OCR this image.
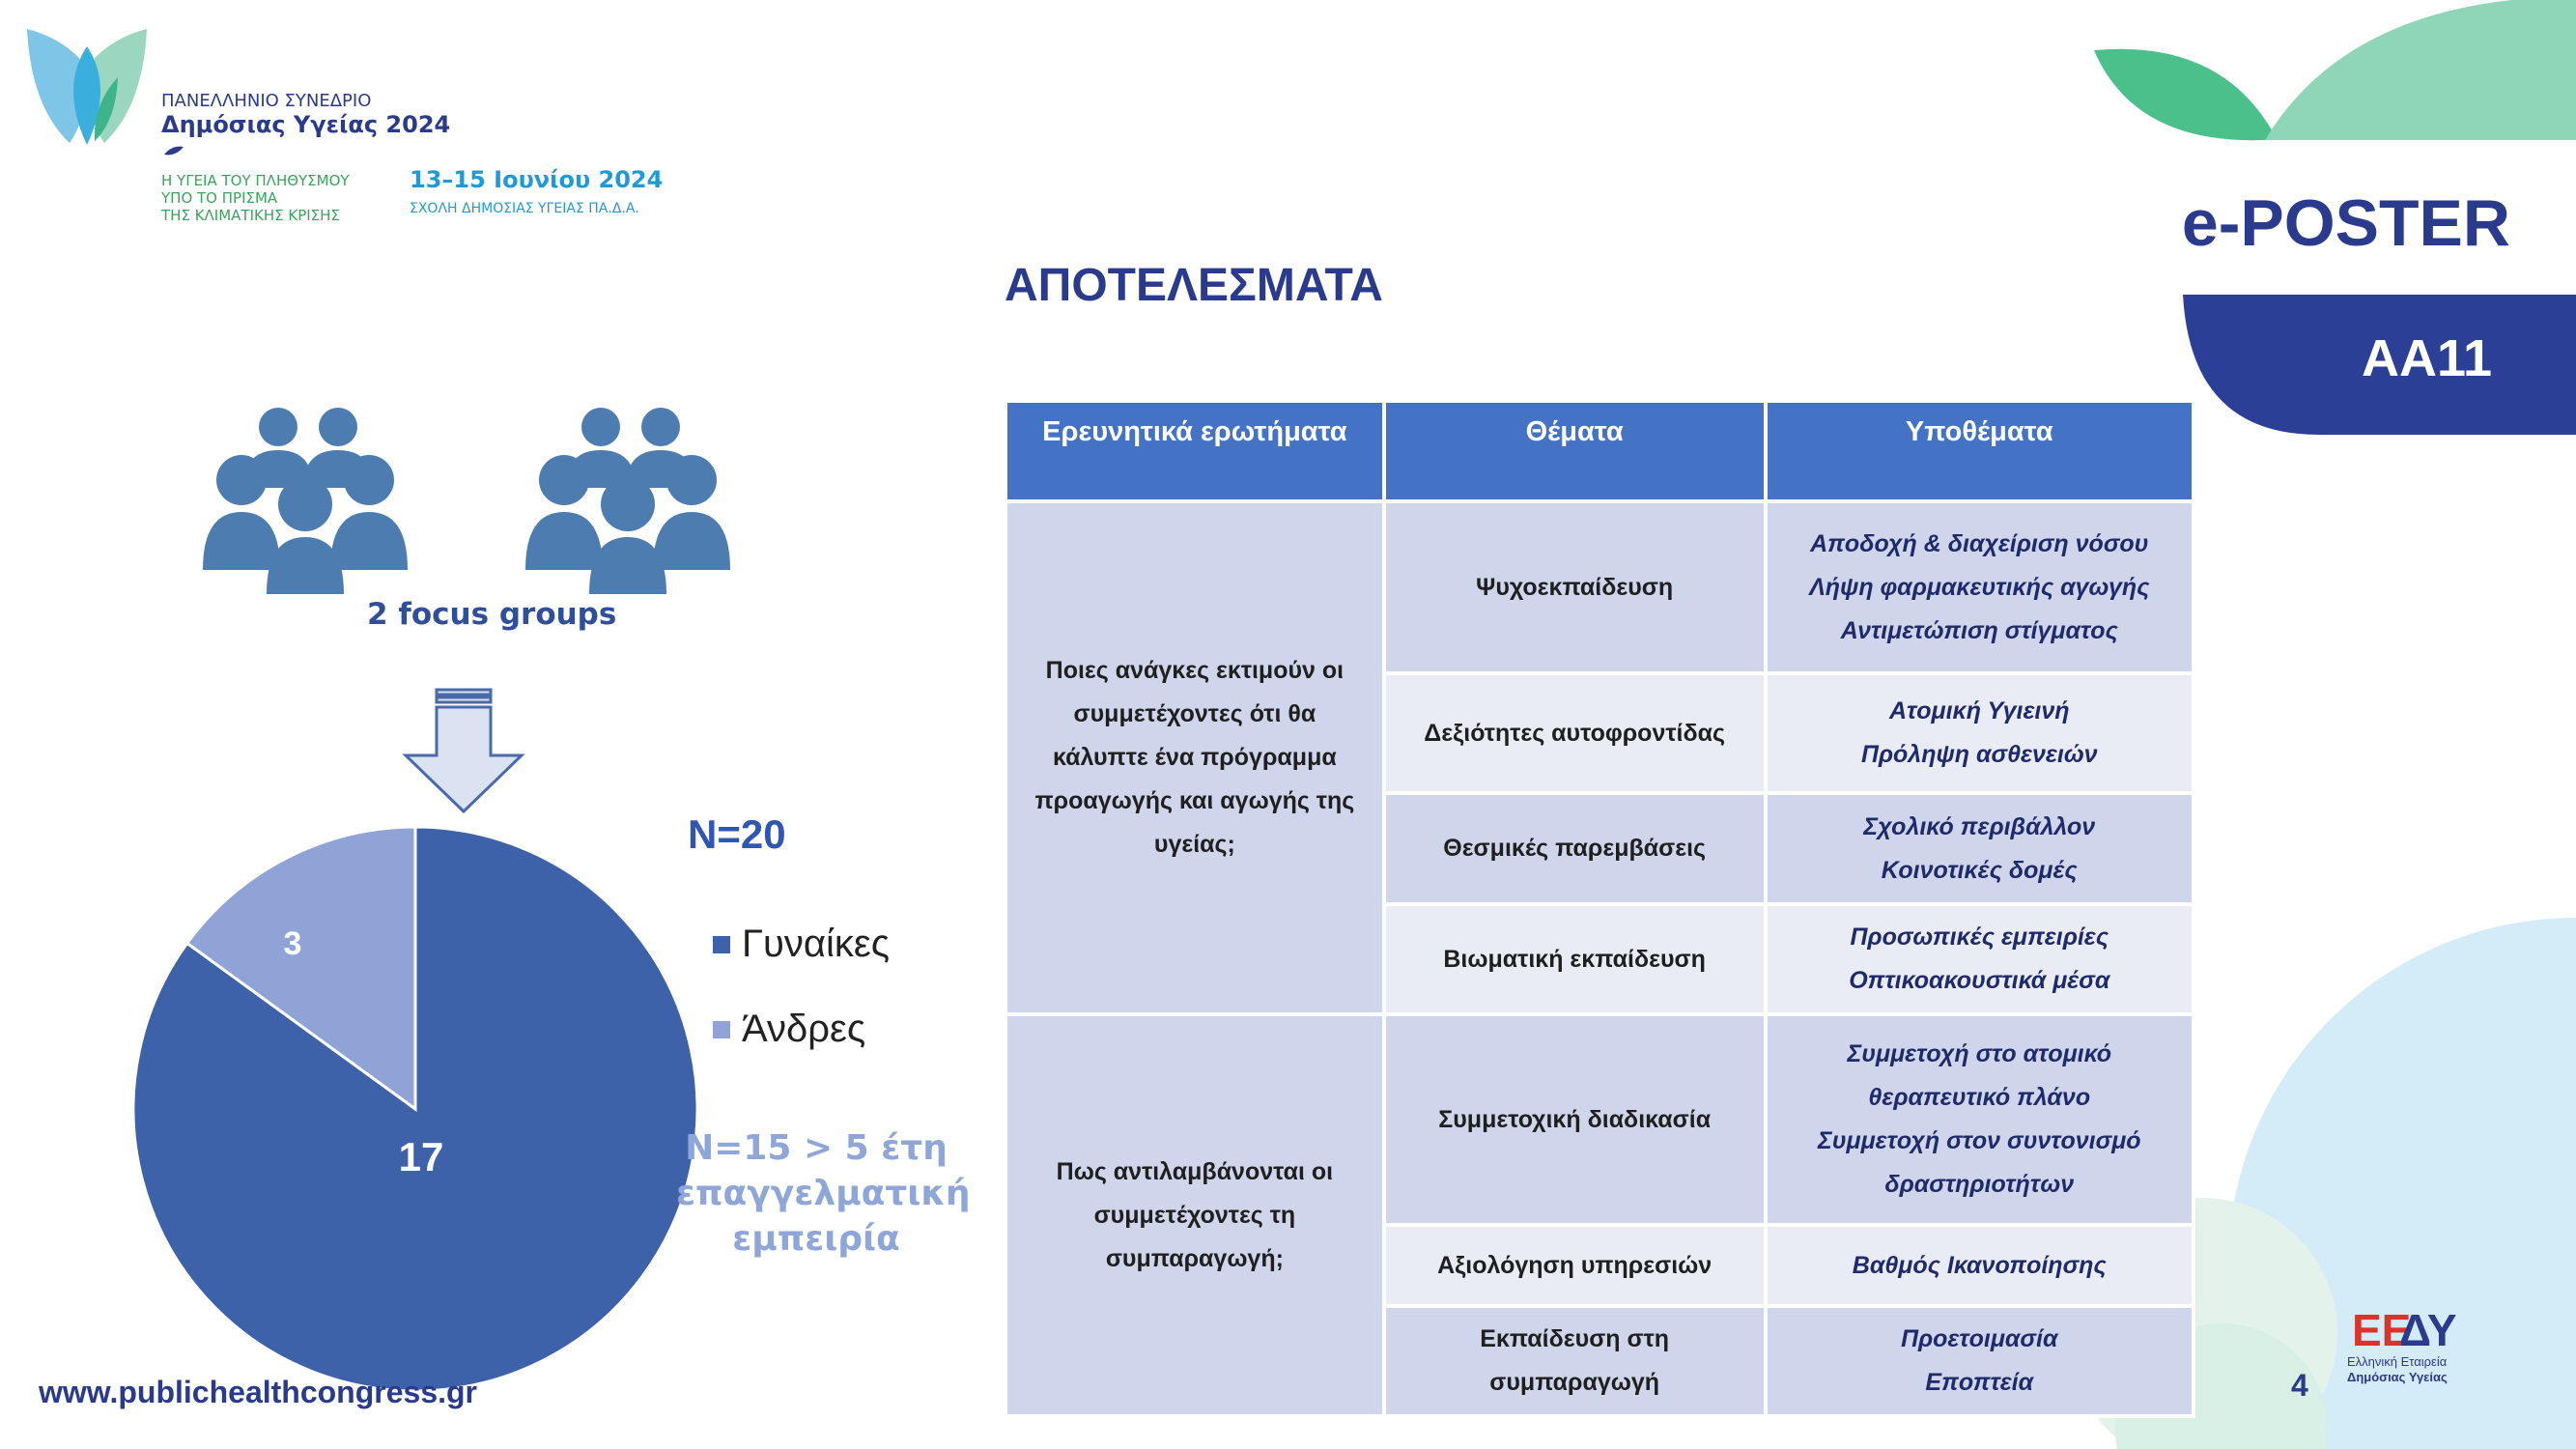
17
3
ΕΕ
ΔΥ
ΠΑΝΕΛΛΗΝΙΟ ΣΥΝΕΔΡΙΟ
Δημόσιας Υγείας 2024
Η ΥΓΕΙΑ ΤΟΥ ΠΛΗΘΥΣΜΟΥ
ΥΠΟ ΤΟ ΠΡΙΣΜΑ
ΤΗΣ ΚΛΙΜΑΤΙΚΗΣ ΚΡΙΣΗΣ
13–15 Ιουνίου 2024
ΣΧΟΛΗ ΔΗΜΟΣΙΑΣ ΥΓΕΙΑΣ ΠΑ.Δ.Α.
ΑΠΟΤΕΛΕΣΜΑΤΑ
e-POSTER
ΑΑ11
2 focus groups
N=20
Γυναίκες
Άνδρες
N=15 > 5 έτη
επαγγελματική
εμπειρία
Ερευνητικά ερωτήματα	Θέματα	Υποθέματα

Ποιες ανάγκες εκτιμούν οι
συμμετέχοντες ότι θα
κάλυπτε ένα πρόγραμμα
προαγωγής και αγωγής της
υγείας;	Ψυχοεκπαίδευση	Αποδοχή & διαχείριση νόσου
Λήψη φαρμακευτικής αγωγής
Αντιμετώπιση στίγματος

	Δεξιότητες αυτοφροντίδας	Ατομική Υγιεινή
Πρόληψη ασθενειών

	Θεσμικές παρεμβάσεις	Σχολικό περιβάλλον
Κοινοτικές δομές

	Βιωματική εκπαίδευση	Προσωπικές εμπειρίες
Οπτικοακουστικά μέσα

Πως αντιλαμβάνονται οι
συμμετέχοντες τη
συμπαραγωγή;	Συμμετοχική διαδικασία	Συμμετοχή στο ατομικό
θεραπευτικό πλάνο
Συμμετοχή στον συντονισμό
δραστηριοτήτων

	Αξιολόγηση υπηρεσιών	Βαθμός Ικανοποίησης

	Εκπαίδευση στη
συμπαραγωγή	Προετοιμασία
Εποπτεία
www.publichealthcongress.gr	4
Ελληνική Εταιρεία
Δημόσιας Υγείας
